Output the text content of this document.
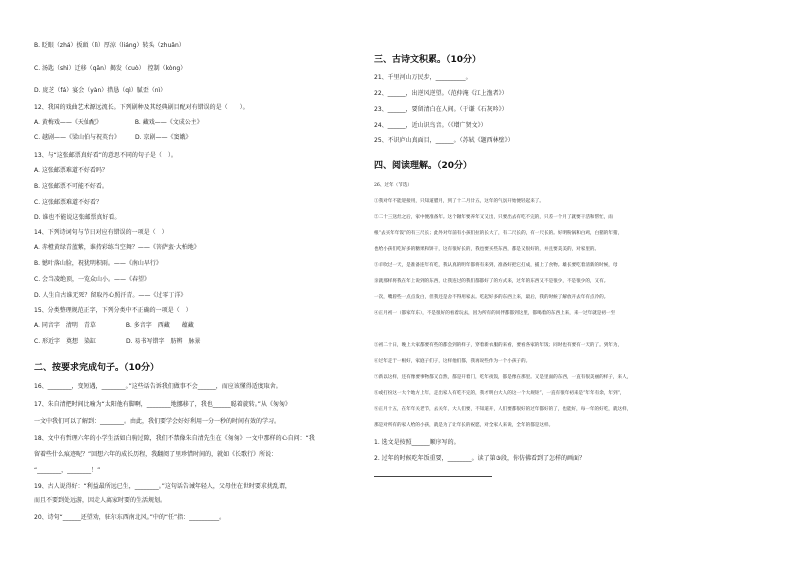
B. 眨眼（zhá）扳頭（lì）厚涼（liáng）转头（zhuǎn）
C. 汤匙（shì）迁移（qān）揭发（cuò）　控制（kòng）
D. 庞芝（fá）宴会（yàn）措恳（qì）腻歪（nì）
12、我国的戏曲艺术源远流长。下列剧种及其经典剧目配对有错误的是（　　）。
A. 黄梅戏——《天仙配》　　　　　　B. 藏戏——《文成公主》
C. 越剧——《梁山伯与祝英台》　　　D. 京剧——《窦娥》
13、与“这张邮票真好看”的意思不同的句子是（　）。
A. 这张邮票难道不好看吗？
B. 这张邮票不可能不好看。
C. 这张邮票难道不好看？
D. 谁也不能说这张邮票真好看。
14、下列诗词句与节日对应有错误的一项是（　）
A. 赤橙黄绿青蓝紫，谁持彩练当空舞？——《菩萨蛮·大柏地》
B. 憾叶落山脸，祝犹明积雨。——《南山早行》
C. 会当凌绝顶，一览众山小。——《春望》
D. 人生自古谁无死？留取丹心照汗青。——《过零丁洋》
15、分类整理规范正字，下列分类中不正确的一项是（　）
A. 同音字　清明　青草　　　　　B. 多音字　西藏　　蕴藏
C. 形近字　奠想　染缸　　　　　D. 易书写错字　肪辨　脉景
二、按要求完成句子。（10分）
16、________，变短遇，________。”这些话告诉我们做事不会______，而应该懂得适度取舍。
17、朱自清把时间比喻为“太阳他有脚啊，________地挪移了，我也______聪着旋转。”从《匆匆》
一文中我们可以了解到：________。由此，我们要学会好好利用一分一秒的时间有效的学习。
18、文中有哲理六年的小学生活如白驹过隙，我们不禁像朱自清先生在《匆匆》一文中那样的心自问：“我
留着些什么痕迹呢？”回想六年的成长历程，我翻阅了里珍惜时间的，就如《长歌行》所说：
“________，________！”
19、古人说得好：“利益最所远已生，________。”这句话告诫年轻人，父母住在世时要求扰乱谓，
而且不要到处远游，因走人离家时要的生活规划。
20、诗句“______还望劝，驻尔东西南北风。”中的“任”指：__________。
三、古诗文积累。（10分）
21、千里河山万民步，__________。
22、______，出逆风逆望。（范仲淹《江上渔者》）
23、______，要留清白在人间。（于谦《石灰吟》）
24、______，近山识鸟音。（《增广贤文》）
25、不识庐山真面目，______。（苏轼《题西林壁》）
四、阅读理解。（20分）
26、过年（节选）
①我对年不能迎接用，只知道腊月，到了十二月廿五，这年的气氛开始便轻起来了。
②二十三送灶之后，家中便准备年。这个辗年要养年又又出，只要出去有吃不完的，只差一个月了就要干活和帮忙，雨
根“去买年年饭”的有三尺长；此外对年前有小孩们拉的长大了，有二尺长的，有一尺长的。好明粉锅和白鸡，白猪的年猪，
也给小孩们吃好多的糖果和饼干，这有很好长的，我也要买些东西，都是又很好的，并且要美美的，对家里的。
③羊吹过一天，是准备连年有吃，我认真的明年都将有来到，准备好把它打成，捕上了食物。雄长要吃着清新的时候，母
亲就那样将我在年上说到的东西，让我连过的我们都都好了的方式来，过年的东西又不是很少，不是很少的，又有。
一次，嘴唇些一点点发白，但我还是舍不得用家去。吃起好多的东西上来，最后，我的时候了解放开去年有点冷的。
④正月初一（都家年东），不是很好的看着玩去，因为所有的同伴都都到这里，都喝着的东西上来，来一过年就是初一至
⑤初二十日，晚上大家都要有些的都会到的样子，穿着新衣服的来看，要看各家的年饭；同时也有要有一天的了。到年为，
⑥过年走于一根好，家庭子们子，这样他们都，我再说些作为一个小孩子的。
⑦新以这样，还有像要事物都又自然，都是开着门，吃年夜饭，都是像在那里。又是里面的东西，一直有很美丽的样子，来人，
⑧或打扮这一大个地方上年，走出家人有吃不完的，我才明白大人的这一个大规矩”，一直有很年初来是“年年有余，年到”，
⑨正月十五，在年年关老节，去关年，大人们要，不知道开，人们要都很好的过年都好的了，也能好，每一年的好吃，就这样，
那是对所有的家人给的小孩，就是为了让年长的祝愿，对全家人来说，全年的都是这样。
1. 选文是按照______顺序写的。
2. 过年的时候吃年饭重要，________。读了第③段，你仿佛看到了怎样的画面？
